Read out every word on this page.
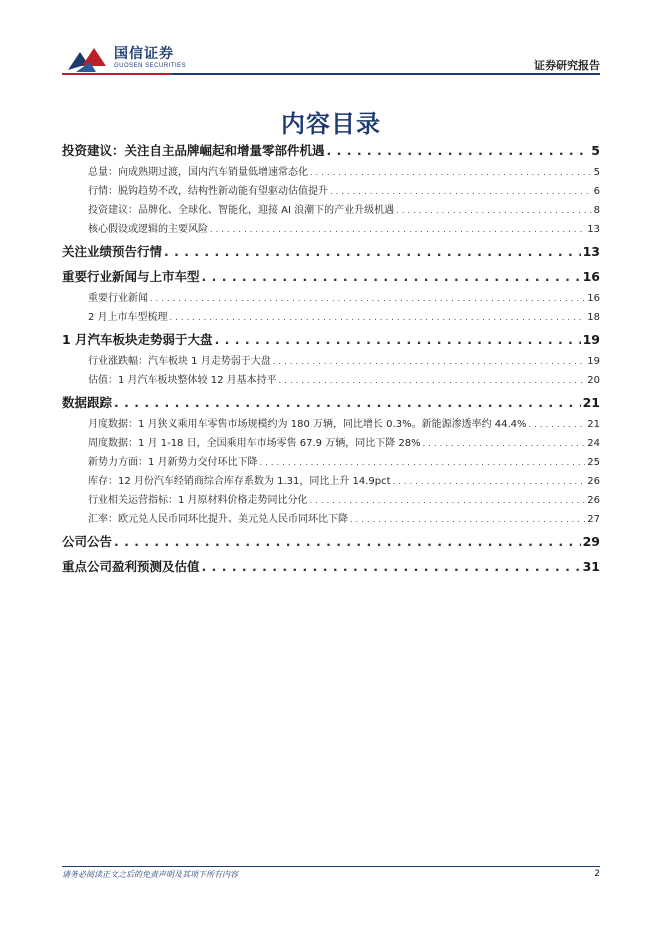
国信证券
GUOSEN SECURITIES	证券研究报告
内容目录
投资建议：关注自主品牌崛起和增量零部件机遇 . . .	5
总量：向成熟期过渡，国内汽车销量低增速常态化 . . .	5
行情：脱钩趋势不改，结构性新动能有望驱动估值提升 . . .	6
投资建议：品牌化、全球化、智能化，迎接 AI 浪潮下的产业升级机遇 . . .	8
核心假设或逻辑的主要风险 . . .	13
关注业绩预告行情 . . .	13
重要行业新闻与上市车型 . . .	16
重要行业新闻 . . .	16
2 月上市车型梳理 . . .	18
1 月汽车板块走势弱于大盘 . . .	19
行业涨跌幅：汽车板块 1 月走势弱于大盘 . . .	19
估值：1 月汽车板块整体较 12 月基本持平 . . .	20
数据跟踪 . . .	21
月度数据：1 月狭义乘用车零售市场规模约为 180 万辆，同比增长 0.3%。新能源渗透率约 44.4% . . .	21
周度数据：1 月 1-18 日，全国乘用车市场零售 67.9 万辆，同比下降 28% . . .	24
新势力方面：1 月新势力交付环比下降 . . .	25
库存：12 月份汽车经销商综合库存系数为 1.31，同比上升 14.9pct . . .	26
行业相关运营指标：1 月原材料价格走势同比分化 . . .	26
汇率：欧元兑人民币同环比提升、美元兑人民币同环比下降 . . .	27
公司公告 . . .	29
重点公司盈利预测及估值 . . .	31
请务必阅读正文之后的免责声明及其项下所有内容	2
